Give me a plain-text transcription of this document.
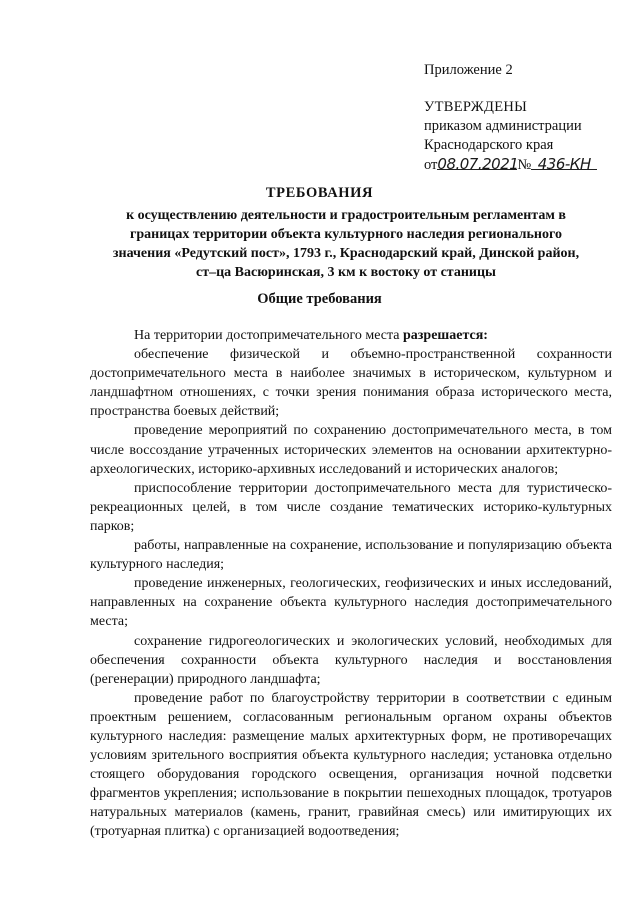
Приложение 2
УТВЕРЖДЕНЫ
приказом администрации
Краснодарского края
от08.07.2021№ 436-КН
ТРЕБОВАНИЯ
к осуществлению деятельности и градостроительным регламентам в
границах территории объекта культурного наследия регионального
значения «Редутский пост», 1793 г., Краснодарский край, Динской район,
ст–ца Васюринская, 3 км к востоку от станицы
Общие требования

На территории достопримечательного места разрешается:

обеспечение физической и объемно-пространственной сохранности достопримечательного места в наиболее значимых в историческом, культурном и ландшафтном отношениях, с точки зрения понимания образа исторического места, пространства боевых действий;

проведение мероприятий по сохранению достопримечательного места, в том числе воссоздание утраченных исторических элементов на основании архитектурно-археологических, историко-архивных исследований и исторических аналогов;

приспособление территории достопримечательного места для туристическо-рекреационных целей, в том числе создание тематических историко-культурных парков;

работы, направленные на сохранение, использование и популяризацию объекта культурного наследия;

проведение инженерных, геологических, геофизических и иных исследований, направленных на сохранение объекта культурного наследия достопримечательного места;

сохранение гидрогеологических и экологических условий, необходимых для обеспечения сохранности объекта культурного наследия и восстановления (регенерации) природного ландшафта;

проведение работ по благоустройству территории в соответствии с единым проектным решением, согласованным региональным органом охраны объектов культурного наследия: размещение малых архитектурных форм, не противоречащих условиям зрительного восприятия объекта культурного наследия; установка отдельно стоящего оборудования городского освещения, организация ночной подсветки фрагментов укрепления; использование в покрытии пешеходных площадок, тротуаров натуральных материалов (камень, гранит, гравийная смесь) или имитирующих их (тротуарная плитка) с организацией водоотведения;
